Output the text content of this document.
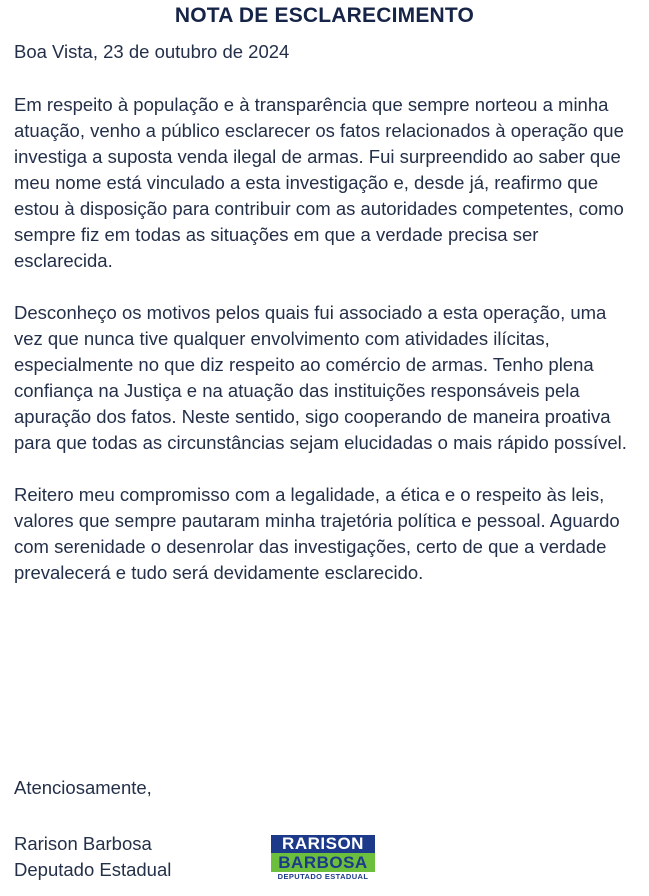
NOTA DE ESCLARECIMENTO

Boa Vista, 23 de outubro de 2024

Em respeito à população e à transparência que sempre norteou a minha atuação, venho a público esclarecer os fatos relacionados à operação que investiga a suposta venda ilegal de armas. Fui surpreendido ao saber que meu nome está vinculado a esta investigação e, desde já, reafirmo que estou à disposição para contribuir com as autoridades competentes, como sempre fiz em todas as situações em que a verdade precisa ser esclarecida.

Desconheço os motivos pelos quais fui associado a esta operação, uma vez que nunca tive qualquer envolvimento com atividades ilícitas, especialmente no que diz respeito ao comércio de armas. Tenho plena confiança na Justiça e na atuação das instituições responsáveis pela apuração dos fatos. Neste sentido, sigo cooperando de maneira proativa para que todas as circunstâncias sejam elucidadas o mais rápido possível.

Reitero meu compromisso com a legalidade, a ética e o respeito às leis, valores que sempre pautaram minha trajetória política e pessoal. Aguardo com serenidade o desenrolar das investigações, certo de que a verdade prevalecerá e tudo será devidamente esclarecido.

Atenciosamente,
Rarison Barbosa
Deputado Estadual
RARISON
BARBOSA
DEPUTADO ESTADUAL
